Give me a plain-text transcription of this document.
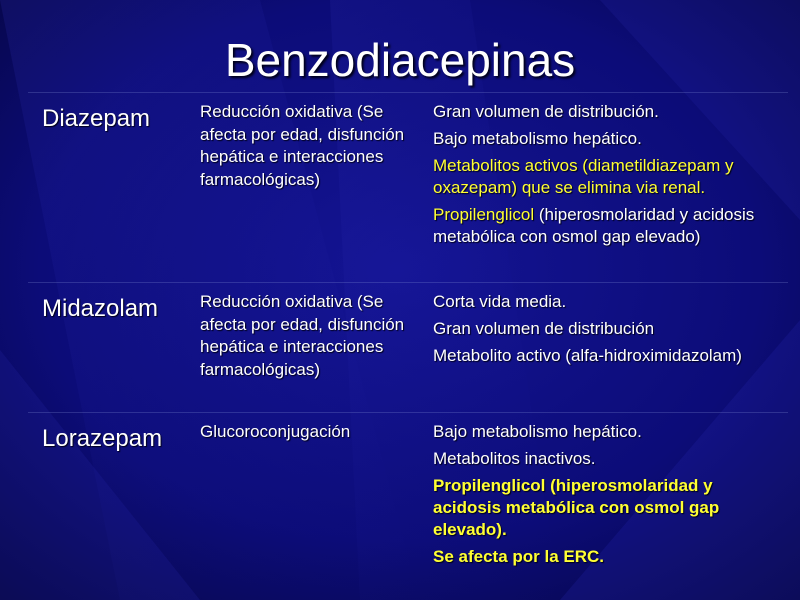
Benzodiacepinas
Diazepam	Reducción oxidativa (Se afecta por edad, disfunción hepática e interacciones farmacológicas)
Gran volumen de distribución.
Bajo metabolismo hepático.
Metabolitos activos (diametildiazepam y oxazepam) que se elimina via renal.
Propilenglicol (hiperosmolaridad y acidosis metabólica con osmol gap elevado)
Midazolam Reducción oxidativa (Se afecta por edad, disfunción hepática e interacciones farmacológicas)
Corta vida media.
Gran volumen de distribución
Metabolito activo (alfa-hidroximidazolam)
Lorazepam Glucoroconjugación	Bajo metabolismo hepático.
Metabolitos inactivos.
Propilenglicol (hiperosmolaridad y acidosis metabólica con osmol gap elevado).
Se afecta por la ERC.
